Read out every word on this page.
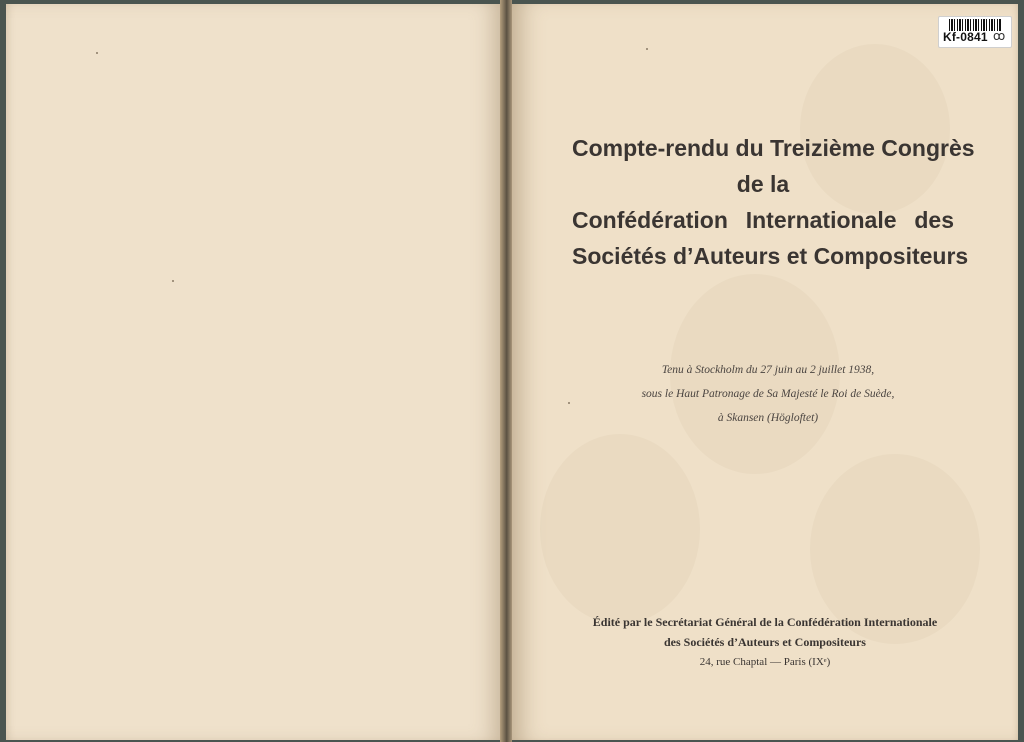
Kf-0841 ꝏ
Compte-rendu du Treizième Congrès
de la
Confédération Internationale des
Sociétés d’Auteurs et Compositeurs
Tenu à Stockholm du 27 juin au 2 juillet 1938,
sous le Haut Patronage de Sa Majesté le Roi de Suède,
à Skansen (Högloftet)
Édité par le Secrétariat Général de la Confédération Internationale
des Sociétés d’Auteurs et Compositeurs
24, rue Chaptal — Paris (IXᵉ)
